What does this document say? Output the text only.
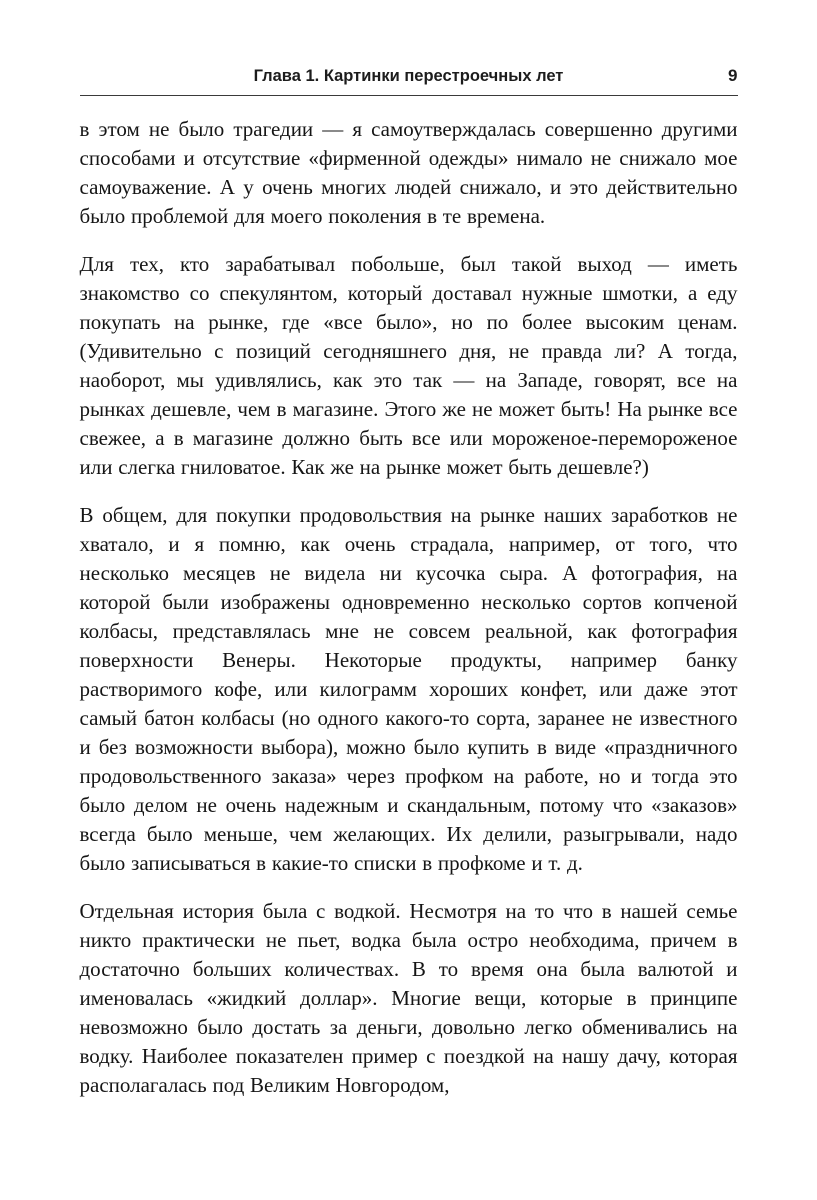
Глава 1. Картинки перестроечных лет	9

в этом не было трагедии — я самоутверждалась совершенно другими способами и отсутствие «фирменной одежды» нимало не снижало мое самоуважение. А у очень многих людей снижало, и это действительно было проблемой для моего поколения в те времена.

Для тех, кто зарабатывал побольше, был такой выход — иметь знакомство со спекулянтом, который доставал нужные шмотки, а еду покупать на рынке, где «все было», но по более высоким ценам. (Удивительно с позиций сегодняшнего дня, не правда ли? А тогда, наоборот, мы удивлялись, как это так — на Западе, говорят, все на рынках дешевле, чем в магазине. Этого же не может быть! На рынке все свежее, а в магазине должно быть все или мороженое-перемороженое или слегка гниловатое. Как же на рынке может быть дешевле?)

В общем, для покупки продовольствия на рынке наших заработков не хватало, и я помню, как очень страдала, например, от того, что несколько месяцев не видела ни кусочка сыра. А фотография, на которой были изображены одновременно несколько сортов копченой колбасы, представлялась мне не совсем реальной, как фотография поверхности Венеры. Некоторые продукты, например банку растворимого кофе, или килограмм хороших конфет, или даже этот самый батон колбасы (но одного какого-то сорта, заранее не известного и без возможности выбора), можно было купить в виде «праздничного продовольственного заказа» через профком на работе, но и тогда это было делом не очень надежным и скандальным, потому что «заказов» всегда было меньше, чем желающих. Их делили, разыгрывали, надо было записываться в какие-то списки в профкоме и т. д.

Отдельная история была с водкой. Несмотря на то что в нашей семье никто практически не пьет, водка была остро необходима, причем в достаточно больших количествах. В то время она была валютой и именовалась «жидкий доллар». Многие вещи, которые в принципе невозможно было достать за деньги, довольно легко обменивались на водку. Наиболее показателен пример с поездкой на нашу дачу, которая располагалась под Великим Новгородом,
